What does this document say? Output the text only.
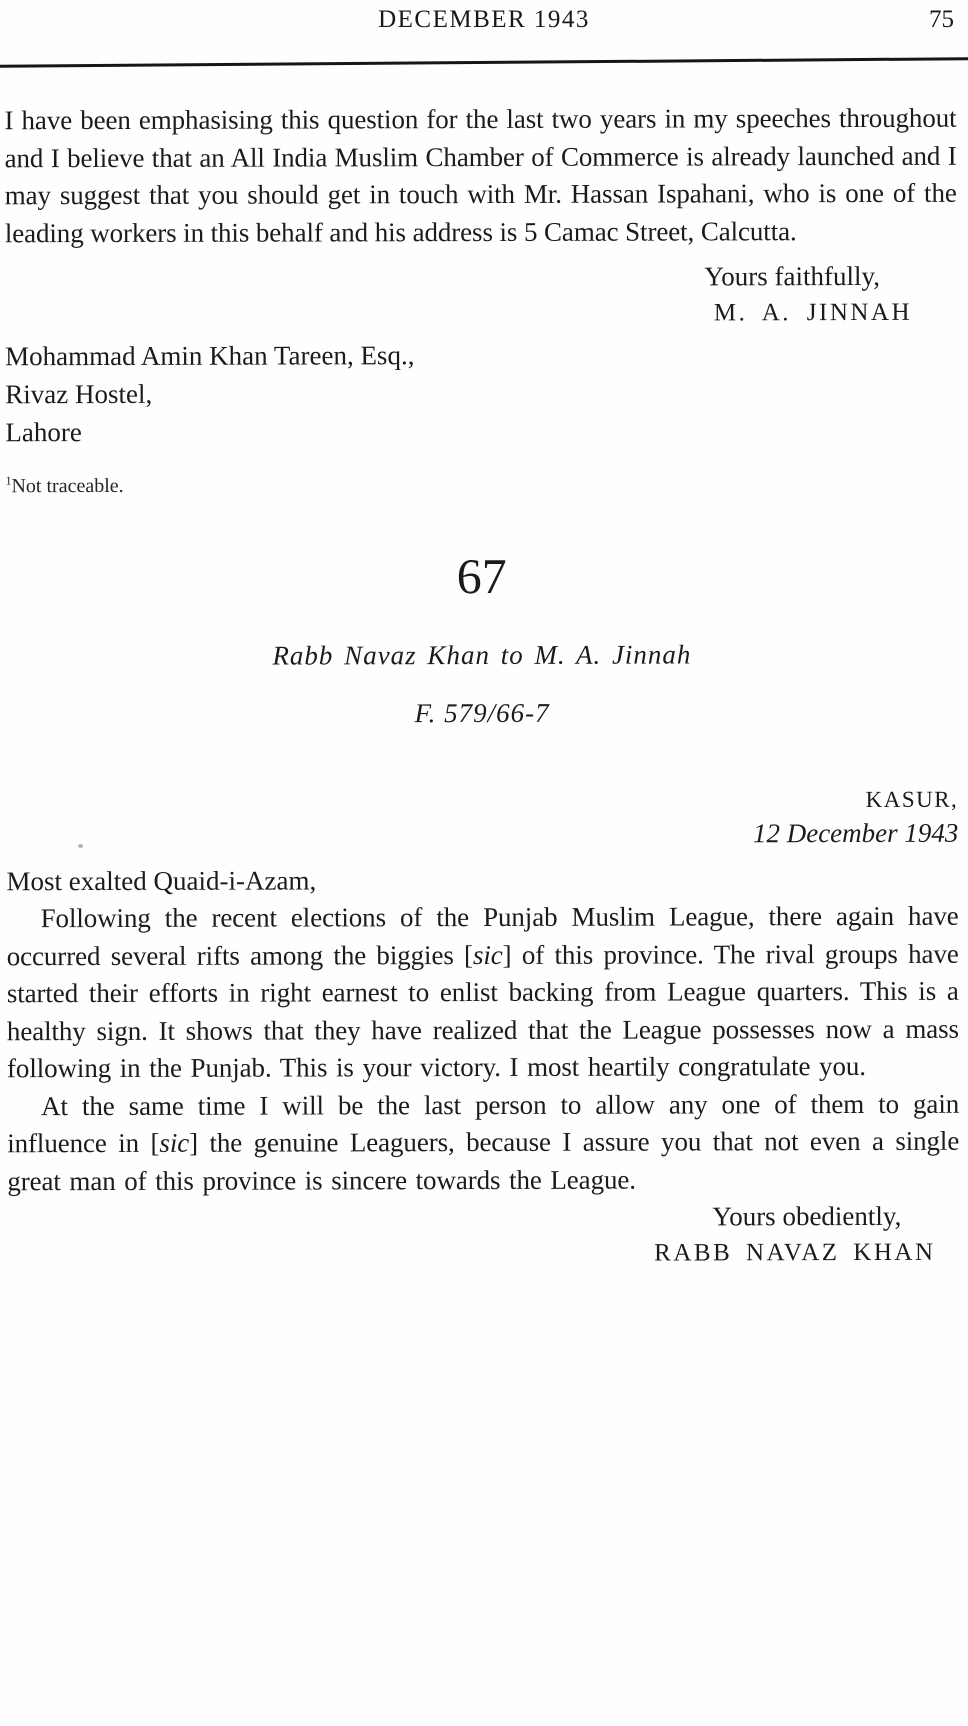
DECEMBER 1943	75

I have been emphasising this question for the last two years in my speeches throughout and I believe that an All India Muslim Chamber of Commerce is already launched and I may suggest that you should get in touch with Mr. Hassan Ispahani, who is one of the leading workers in this behalf and his address is 5 Camac Street, Calcutta.

Yours faithfully,

M. A. JINNAH

Mohammad Amin Khan Tareen, Esq.,

Rivaz Hostel,

Lahore

$^1$Not traceable.

67
Rabb Navaz Khan to M. A. Jinnah

F. 579/66-7

KASUR,

12 December 1943

Most exalted Quaid-i-Azam,

Following the recent elections of the Punjab Muslim League, there again have occurred several rifts among the biggies [sic] of this province. The rival groups have started their efforts in right earnest to enlist backing from League quarters. This is a healthy sign. It shows that they have realized that the League possesses now a mass following in the Punjab. This is your victory. I most heartily congratulate you.

At the same time I will be the last person to allow any one of them to gain influence in [sic] the genuine Leaguers, because I assure you that not even a single great man of this province is sincere towards the League.

Yours obediently,

RABB NAVAZ KHAN
